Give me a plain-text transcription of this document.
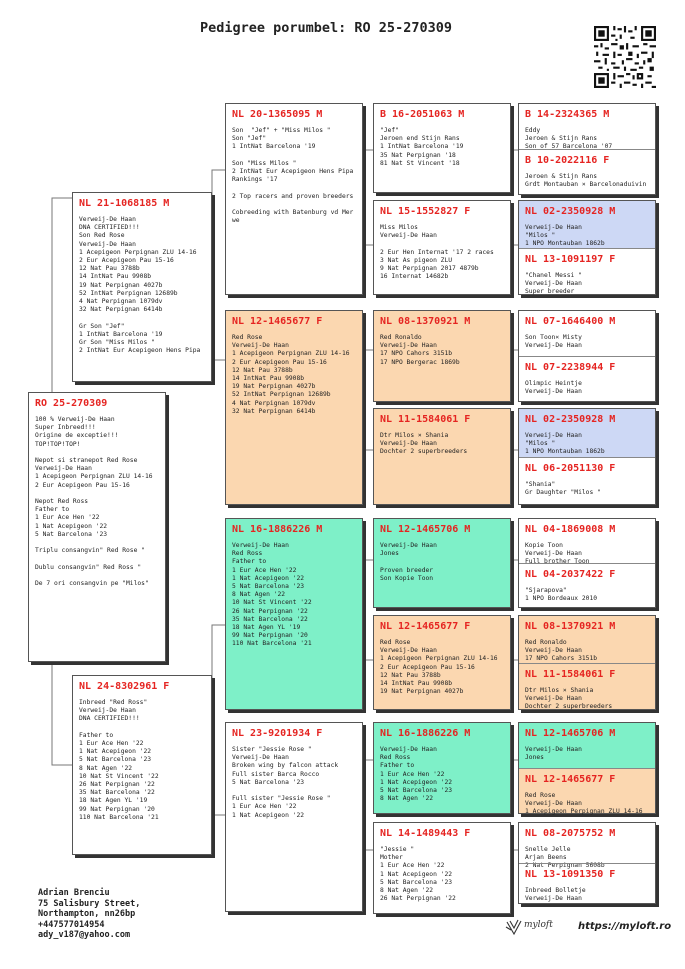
Pedigree porumbel: RO 25-270309
RO 25-270309
100 % Verweij-De Haan
Super Inbreed!!!
Origine de exceptie!!!
TOP!TOP!TOP!
Nepot si stranepot Red Rose
Verweij-De Haan
1 Acepigeon Perpignan ZLU 14-16
2 Eur Acepigeon Pau 15-16
Nepot Red Ross
Father to
1 Eur Ace Hen '22
1 Nat Acepigeon '22
5 Nat Barcelona '23
Triplu consangvin" Red Rose "
Dublu consangvin" Red Ross "
De 7 ori consangvin pe "Milos"
NL 21-1068185 M
Verweij-De Haan
DNA CERTIFIED!!!
Son Red Rose
Verweij-De Haan
1 Acepigeon Perpignan ZLU 14-16
2 Eur Acepigeon Pau 15-16
12 Nat Pau 3788b
14 IntNat Pau 9908b
19 Nat Perpignan 4027b
52 IntNat Perpignan 12689b
4 Nat Perpignan 1079dv
32 Nat Perpignan 6414b
Gr Son "Jef"
1 IntNat Barcelona '19
Gr Son "Miss Milos "
2 IntNat Eur Acepigeon Hens Pipa
NL 24-8302961 F
Inbreed "Red Ross"
Verweij-De Haan
DNA CERTIFIED!!!
Father to
1 Eur Ace Hen '22
1 Nat Acepigeon '22
5 Nat Barcelona '23
8 Nat Agen '22
10 Nat St Vincent '22
26 Nat Perpignan '22
35 Nat Barcelona '22
18 Nat Agen YL '19
99 Nat Perpignan '20
110 Nat Barcelona '21
NL 20-1365095 M
Son  "Jef" + "Miss Milos "
Son "Jef"
1 IntNat Barcelona '19
Son "Miss Milos "
2 IntNat Eur Acepigeon Hens Pipa
Rankings '17
2 Top racers and proven breeders
Cobreeding with Batenburg vd Mer
we
NL 12-1465677 F
Red Rose
Verweij-De Haan
1 Acepigeon Perpignan ZLU 14-16
2 Eur Acepigeon Pau 15-16
12 Nat Pau 3788b
14 IntNat Pau 9908b
19 Nat Perpignan 4027b
52 IntNat Perpignan 12689b
4 Nat Perpignan 1079dv
32 Nat Perpignan 6414b
NL 16-1886226 M
Verweij-De Haan
Red Ross
Father to
1 Eur Ace Hen '22
1 Nat Acepigeon '22
5 Nat Barcelona '23
8 Nat Agen '22
10 Nat St Vincent '22
26 Nat Perpignan '22
35 Nat Barcelona '22
18 Nat Agen YL '19
99 Nat Perpignan '20
110 Nat Barcelona '21
NL 23-9201934 F
Sister "Jessie Rose "
Verweij-De Haan
Broken wing by falcon attack
Full sister Barca Rocco
5 Nat Barcelona '23
Full sister "Jessie Rose "
1 Eur Ace Hen '22
1 Nat Acepigeon '22
B 16-2051063 M
"Jef"
Jeroen end Stijn Rans
1 IntNat Barcelona '19
35 Nat Perpignan '18
81 Nat St Vincent '18
NL 15-1552827 F
Miss Milos
Verweij-De Haan
2 Eur Hen Internat '17 2 races
3 Nat As pigeon ZLU
9 Nat Perpignan 2017 4879b
16 Internat 14682b
NL 08-1370921 M
Red Ronaldo
Verweij-De Haan
17 NPO Cahors 3151b
17 NPO Bergerac 1869b
NL 11-1584061 F
Dtr Milos × Shania
Verweij-De Haan
Dochter 2 superbreeders
NL 12-1465706 M
Verweij-De Haan
Jones
Proven breeder
Son Kopie Toon
NL 12-1465677 F
Red Rose
Verweij-De Haan
1 Acepigeon Perpignan ZLU 14-16
2 Eur Acepigeon Pau 15-16
12 Nat Pau 3788b
14 IntNat Pau 9908b
19 Nat Perpignan 4027b
NL 16-1886226 M
Verweij-De Haan
Red Ross
Father to
1 Eur Ace Hen '22
1 Nat Acepigeon '22
5 Nat Barcelona '23
8 Nat Agen '22
NL 14-1489443 F
"Jessie "
Mother
1 Eur Ace Hen '22
1 Nat Acepigeon '22
5 Nat Barcelona '23
8 Nat Agen '22
26 Nat Perpignan '22
B 14-2324365 M
Eddy
Jeroen & Stijn Rans
Son of 57 Barcelona '07
B 10-2022116 F
Jeroen & Stijn Rans
Grdt Montauban × Barcelonaduivin
NL 02-2350928 M
Verweij-De Haan
"Milos "
1 NPO Montauban 1862b
NL 13-1091197 F
"Chanel Messi "
Verweij-De Haan
Super breeder
NL 07-1646400 M
Son Toon× Misty
Verweij-De Haan
NL 07-2238944 F
Olimpic Heintje
Verweij-De Haan
NL 02-2350928 M
Verweij-De Haan
"Milos "
1 NPO Montauban 1862b
NL 06-2051130 F
"Shania"
Gr Daughter "Milos "
NL 04-1869008 M
Kopie Toon
Verweij-De Haan
Full brother Toon
NL 04-2037422 F
"Sjarapova"
1 NPO Bordeaux 2010
NL 08-1370921 M
Red Ronaldo
Verweij-De Haan
17 NPO Cahors 3151b
NL 11-1584061 F
Dtr Milos × Shania
Verweij-De Haan
Dochter 2 superbreeders
NL 12-1465706 M
Verweij-De Haan
Jones
NL 12-1465677 F
Red Rose
Verweij-De Haan
1 Acepigeon Perpignan ZLU 14-16
NL 08-2075752 M
Snelle Jelle
Arjan Beens
2 Nat Perpignan 5608b
NL 13-1091350 F
Inbreed Bolletje
Verweij-De Haan
Adrian Brenciu
75 Salisbury Street,
Northampton, nn26bp
+447577014954
ady_v187@yahoo.com
myloft	https://myloft.ro
